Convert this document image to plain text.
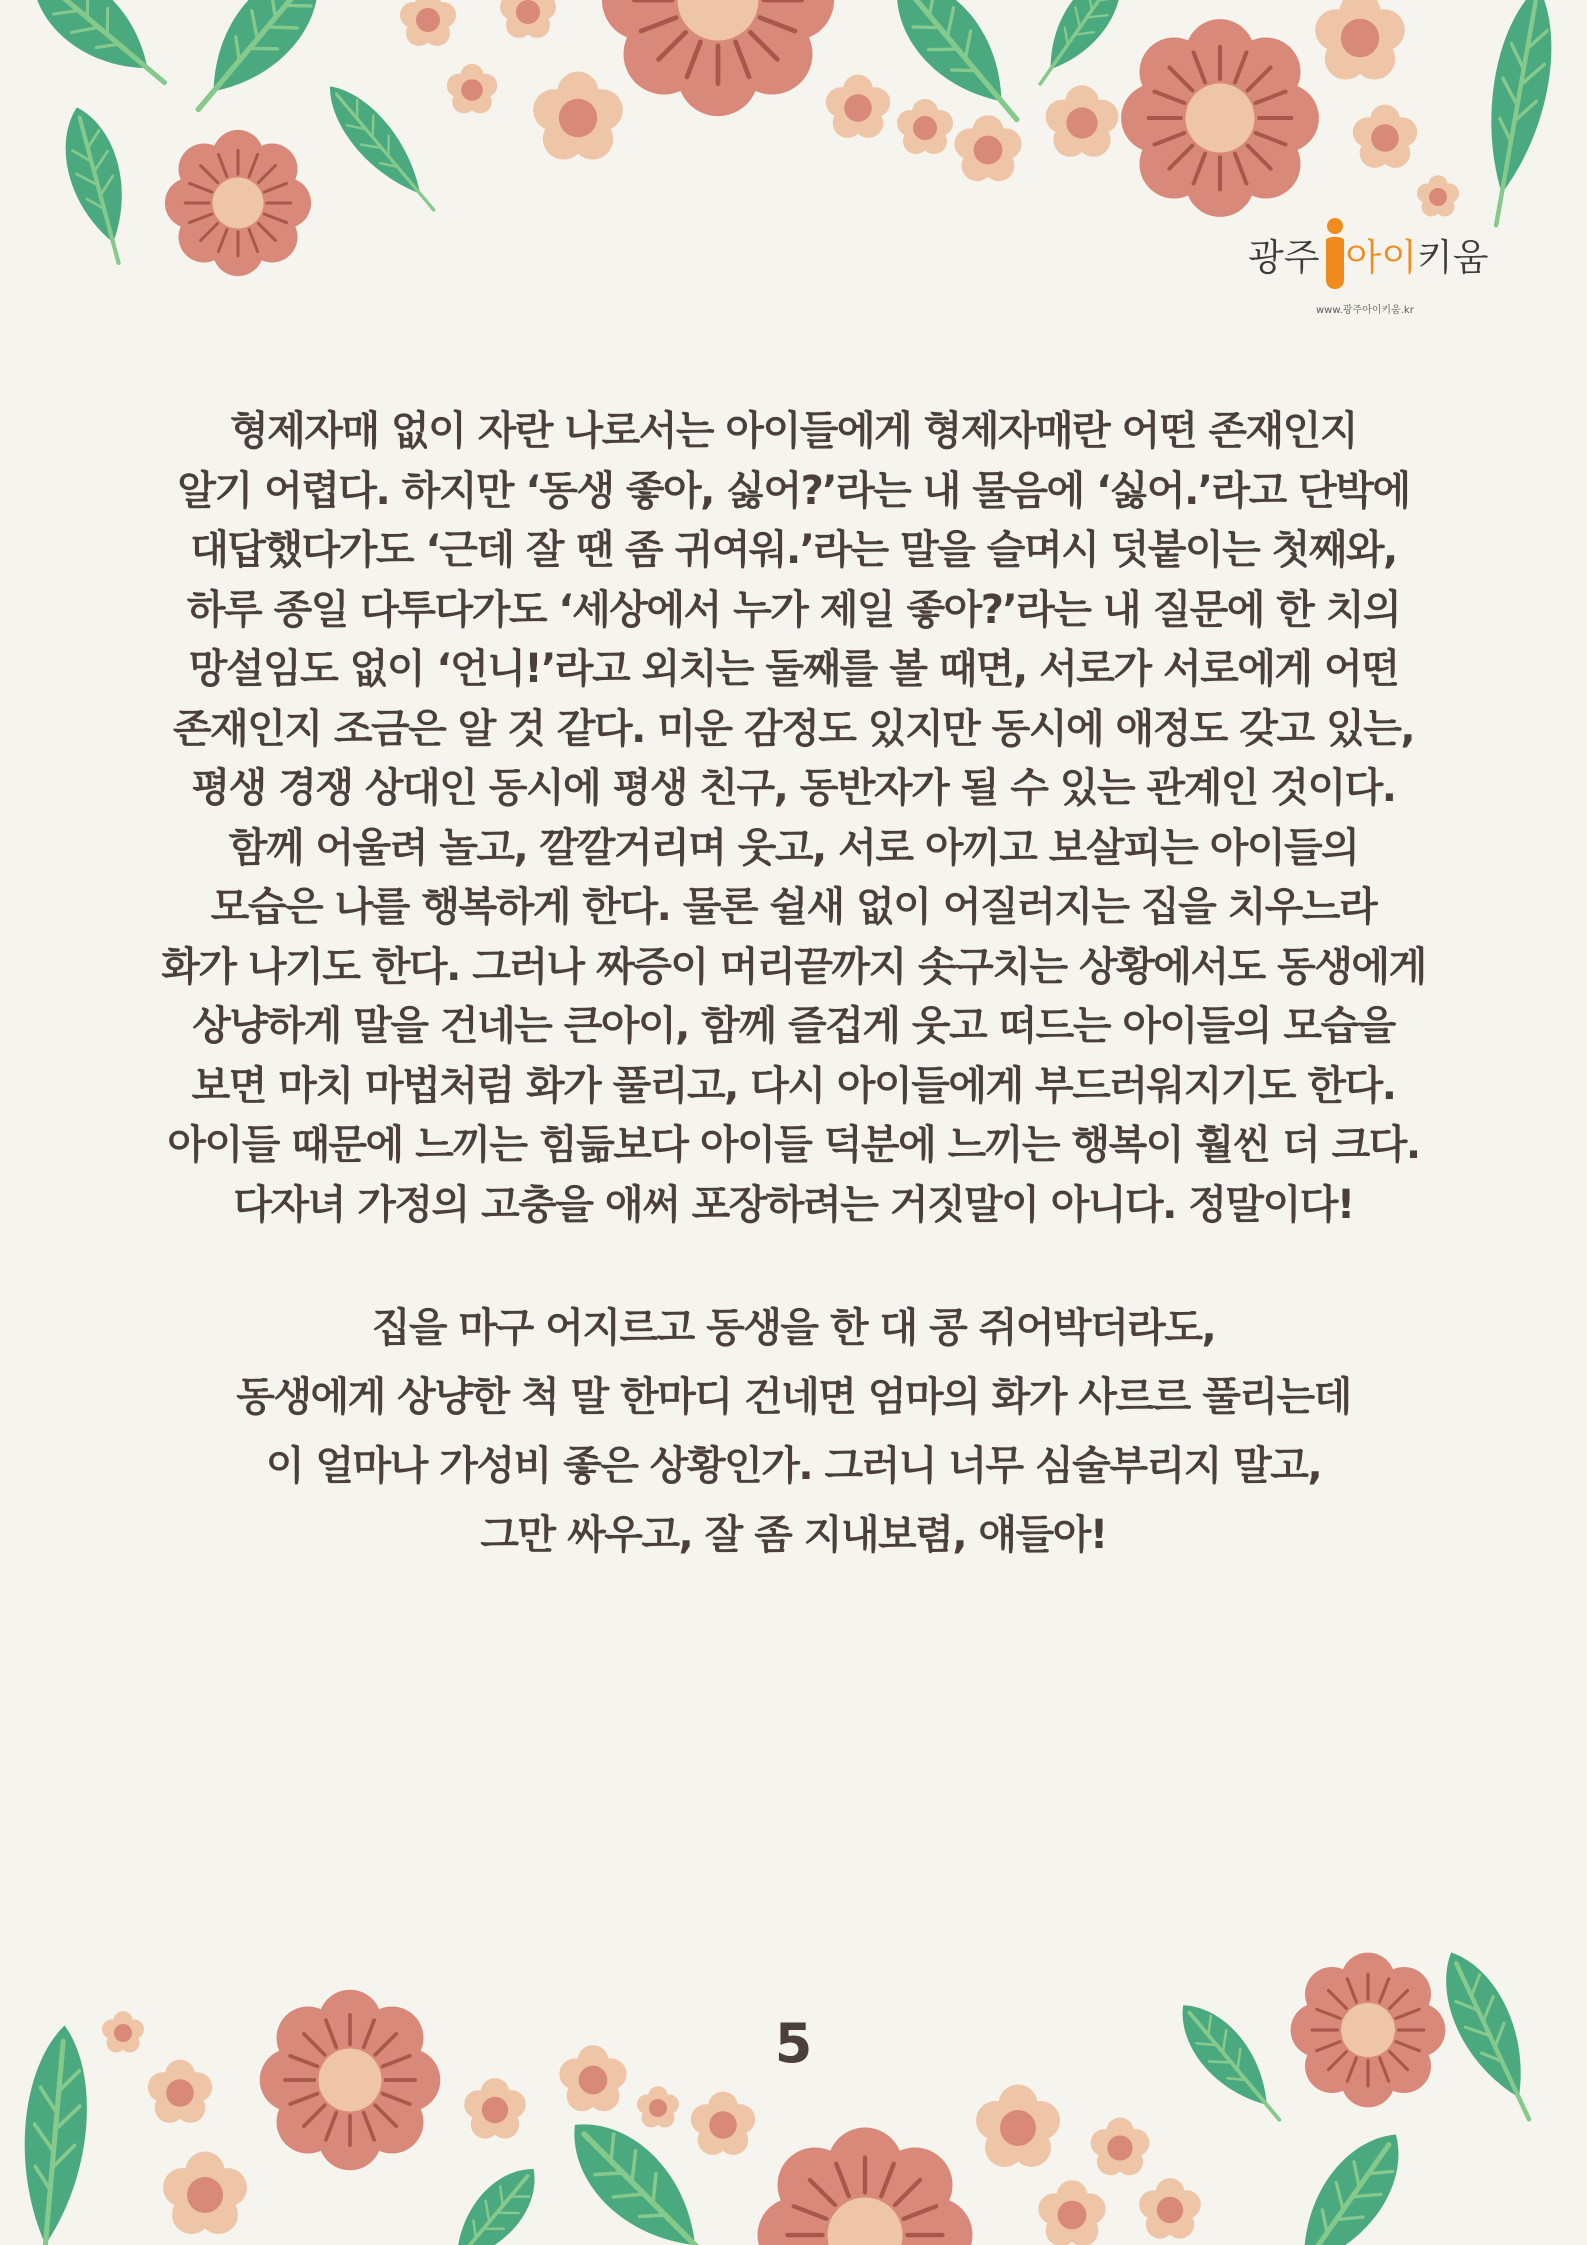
광주 아이키움
www.광주아이키움.kr
형제자매 없이 자란 나로서는 아이들에게 형제자매란 어떤 존재인지
알기 어렵다. 하지만 ‘동생 좋아, 싫어?’라는 내 물음에 ‘싫어.’라고 단박에
대답했다가도 ‘근데 잘 땐 좀 귀여워.’라는 말을 슬며시 덧붙이는 첫째와,
하루 종일 다투다가도 ‘세상에서 누가 제일 좋아?’라는 내 질문에 한 치의
망설임도 없이 ‘언니!’라고 외치는 둘째를 볼 때면, 서로가 서로에게 어떤
존재인지 조금은 알 것 같다. 미운 감정도 있지만 동시에 애정도 갖고 있는,
평생 경쟁 상대인 동시에 평생 친구, 동반자가 될 수 있는 관계인 것이다.
함께 어울려 놀고, 깔깔거리며 웃고, 서로 아끼고 보살피는 아이들의
모습은 나를 행복하게 한다. 물론 쉴새 없이 어질러지는 집을 치우느라
화가 나기도 한다. 그러나 짜증이 머리끝까지 솟구치는 상황에서도 동생에게
상냥하게 말을 건네는 큰아이, 함께 즐겁게 웃고 떠드는 아이들의 모습을
보면 마치 마법처럼 화가 풀리고, 다시 아이들에게 부드러워지기도 한다.
아이들 때문에 느끼는 힘듦보다 아이들 덕분에 느끼는 행복이 훨씬 더 크다.
다자녀 가정의 고충을 애써 포장하려는 거짓말이 아니다. 정말이다!
집을 마구 어지르고 동생을 한 대 콩 쥐어박더라도,
동생에게 상냥한 척 말 한마디 건네면 엄마의 화가 사르르 풀리는데
이 얼마나 가성비 좋은 상황인가. 그러니 너무 심술부리지 말고,
그만 싸우고, 잘 좀 지내보렴, 얘들아!
5
